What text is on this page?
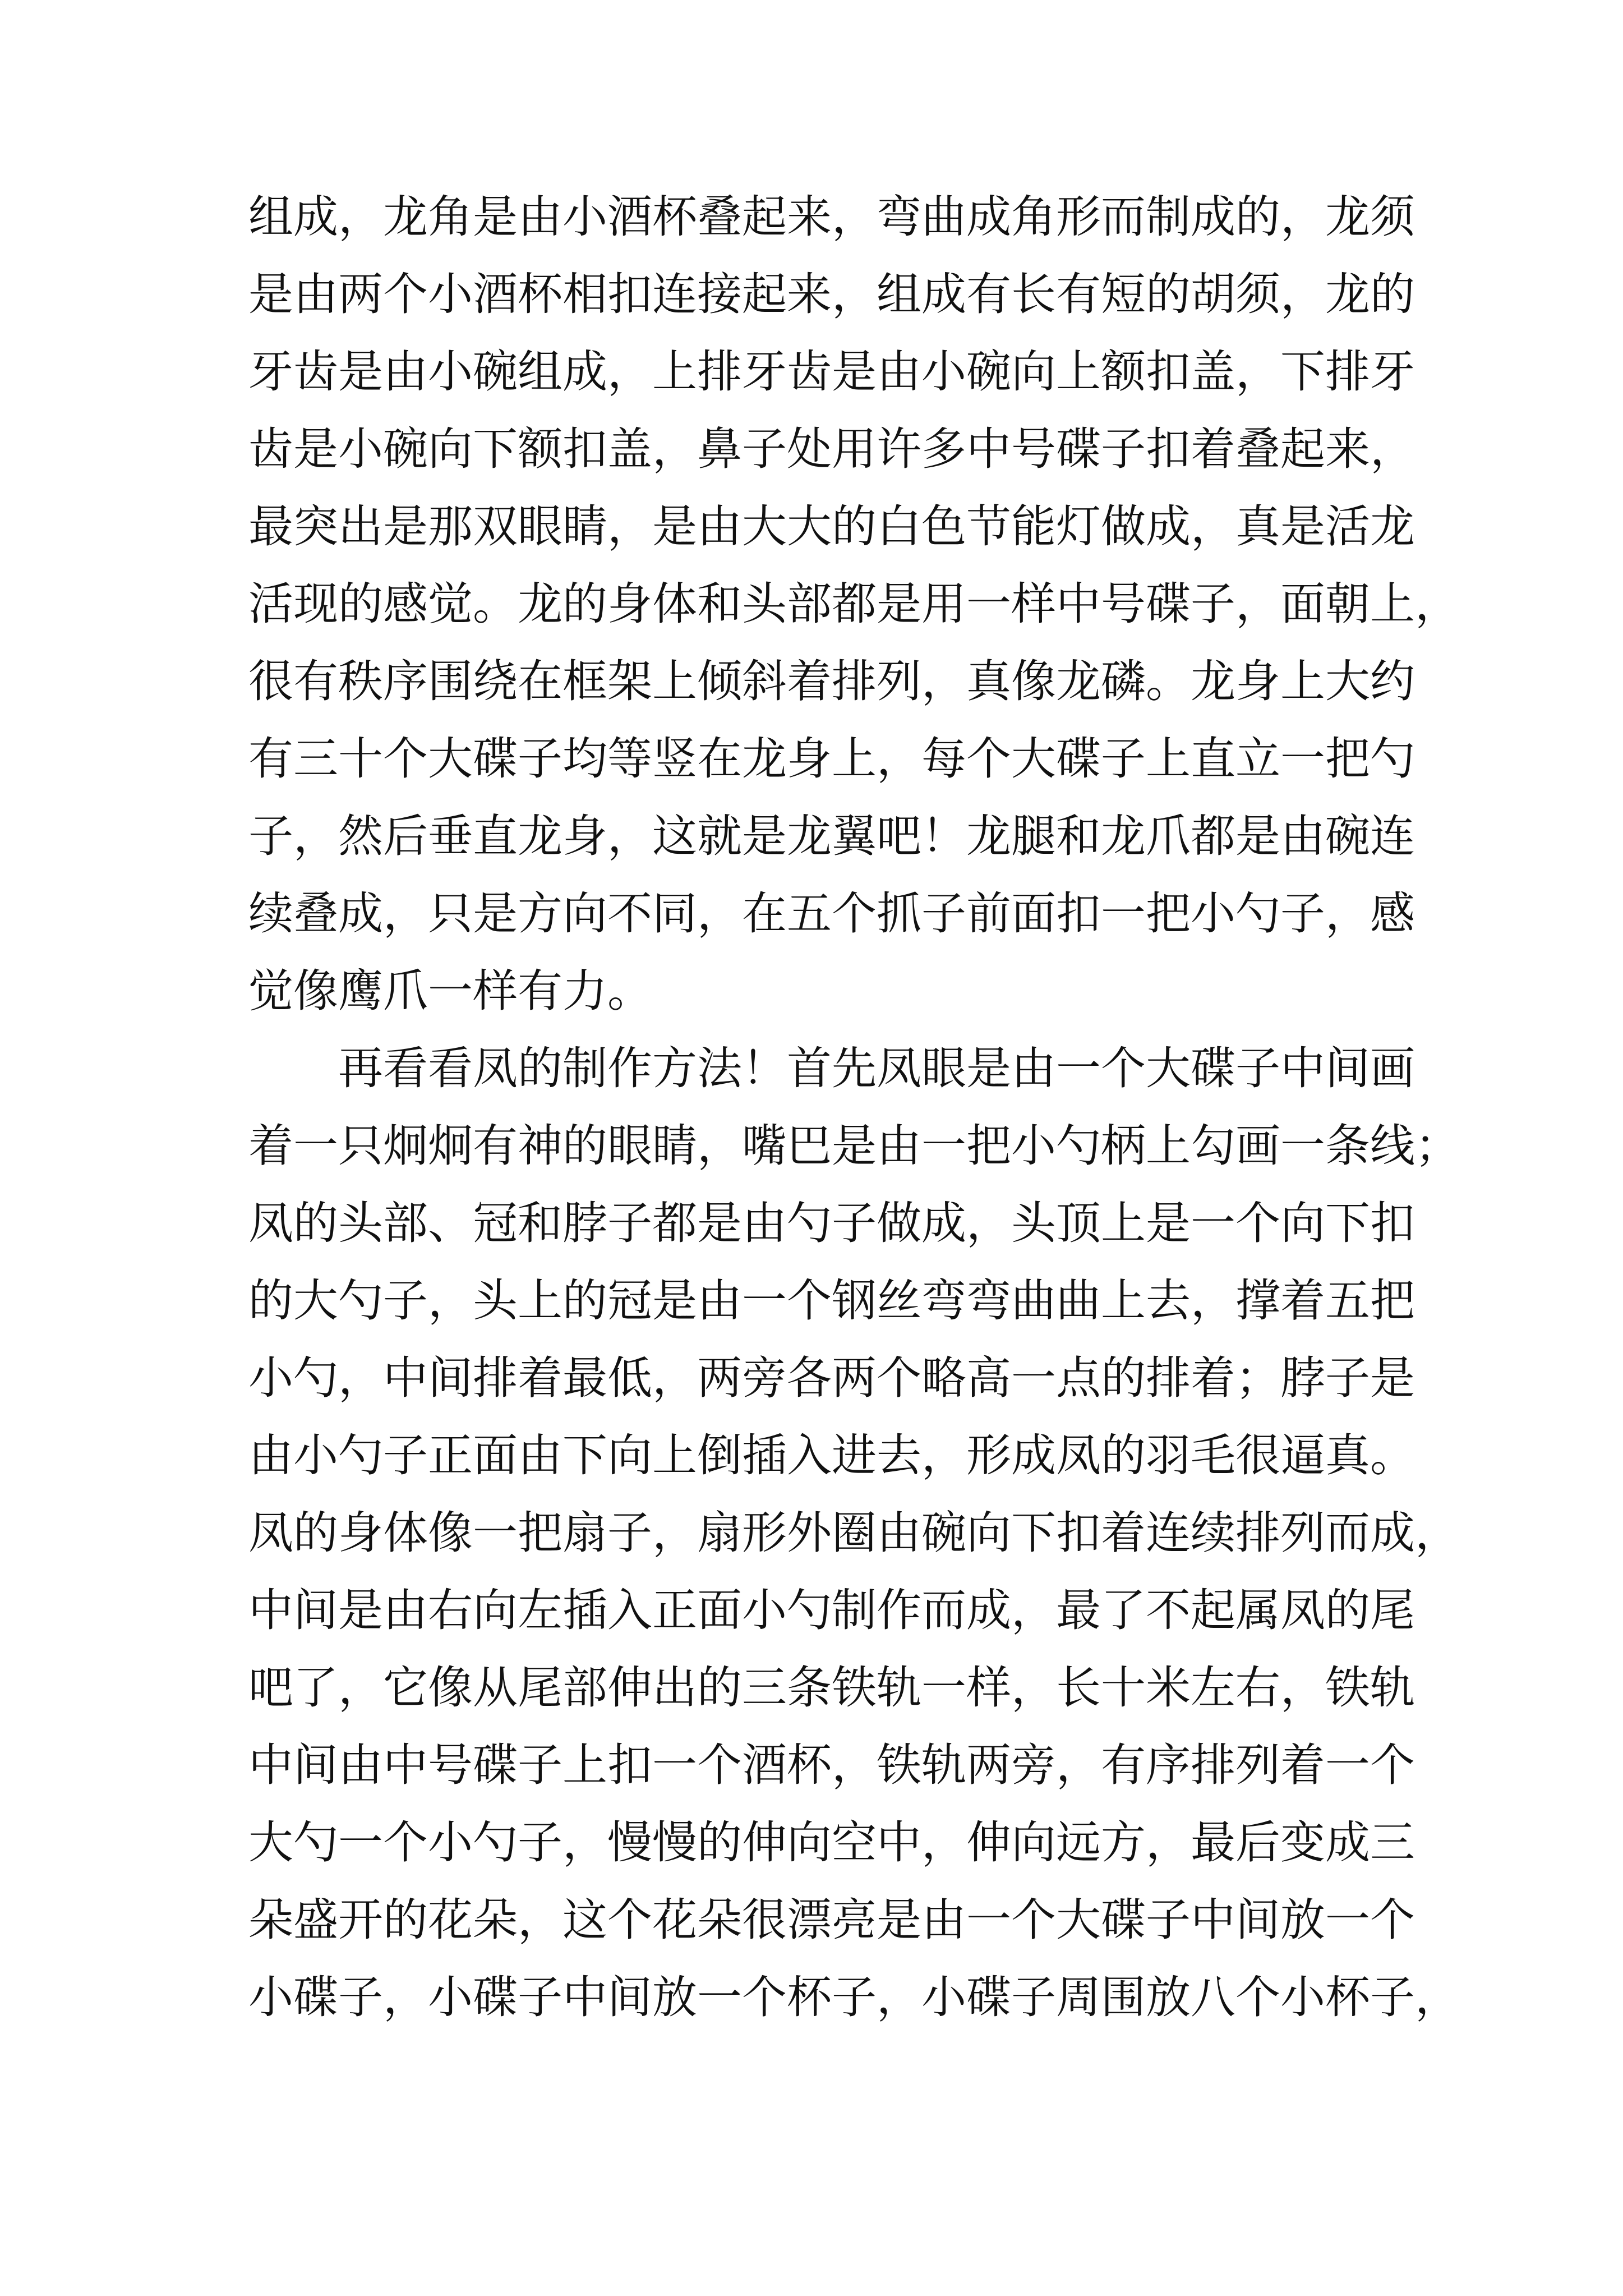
组成，龙角是由小酒杯叠起来，弯曲成角形而制成的，龙须
是由两个小酒杯相扣连接起来，组成有长有短的胡须，龙的
牙齿是由小碗组成，上排牙齿是由小碗向上额扣盖，下排牙
齿是小碗向下额扣盖，鼻子处用许多中号碟子扣着叠起来，
最突出是那双眼睛，是由大大的白色节能灯做成，真是活龙
活现的感觉。龙的身体和头部都是用一样中号碟子，面朝上，
很有秩序围绕在框架上倾斜着排列，真像龙磷。龙身上大约
有三十个大碟子均等竖在龙身上，每个大碟子上直立一把勺
子，然后垂直龙身，这就是龙翼吧！龙腿和龙爪都是由碗连
续叠成，只是方向不同，在五个抓子前面扣一把小勺子，感
觉像鹰爪一样有力。
再看看凤的制作方法！首先凤眼是由一个大碟子中间画
着一只炯炯有神的眼睛，嘴巴是由一把小勺柄上勾画一条线；
凤的头部、冠和脖子都是由勺子做成，头顶上是一个向下扣
的大勺子，头上的冠是由一个钢丝弯弯曲曲上去，撑着五把
小勺，中间排着最低，两旁各两个略高一点的排着；脖子是
由小勺子正面由下向上倒插入进去，形成凤的羽毛很逼真。
凤的身体像一把扇子，扇形外圈由碗向下扣着连续排列而成，
中间是由右向左插入正面小勺制作而成，最了不起属凤的尾
吧了，它像从尾部伸出的三条铁轨一样，长十米左右，铁轨
中间由中号碟子上扣一个酒杯，铁轨两旁，有序排列着一个
大勺一个小勺子，慢慢的伸向空中，伸向远方，最后变成三
朵盛开的花朵，这个花朵很漂亮是由一个大碟子中间放一个
小碟子，小碟子中间放一个杯子，小碟子周围放八个小杯子，
